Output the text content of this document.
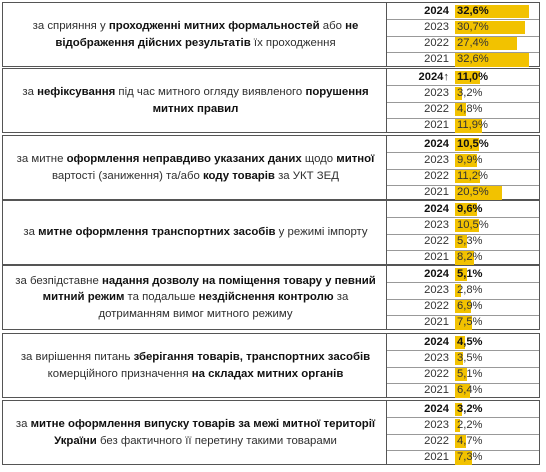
за сприяння у проходженні митних формальностей або не відображення дійсних результатів їх проходження
2024 32,6%
2023 30,7%
2022 27,4%
2021 32,6%
за нефіксування під час митного огляду виявленого порушення митних правил
2024↑ 11,0%
2023 3,2%
2022 4,8%
2021 11,9%
за митне оформлення неправдиво указаних даних щодо митної вартості (заниження) та/або коду товарів за УКТ ЗЕД
2024 10,5%
2023 9,9%
2022 11,2%
2021 20,5%
за митне оформлення транспортних засобів у режимі імпорту
2024 9,6%
2023 10,5%
2022 5,3%
2021 8,2%
за безпідставне надання дозволу на поміщення товару у певний митний режим та подальше нездійснення контролю за дотриманням вимог митного режиму
2024 5,1%
2023 2,8%
2022 6,9%
2021 7,5%
за вирішення питань зберігання товарів, транспортних засобів комерційного призначення на складах митних органів
2024 4,5%
2023 3,5%
2022 5,1%
2021 6,4%
за митне оформлення випуску товарів за межі митної території України без фактичного її перетину такими товарами
2024 3,2%
2023 2,2%
2022 4,7%
2021 7,3%
